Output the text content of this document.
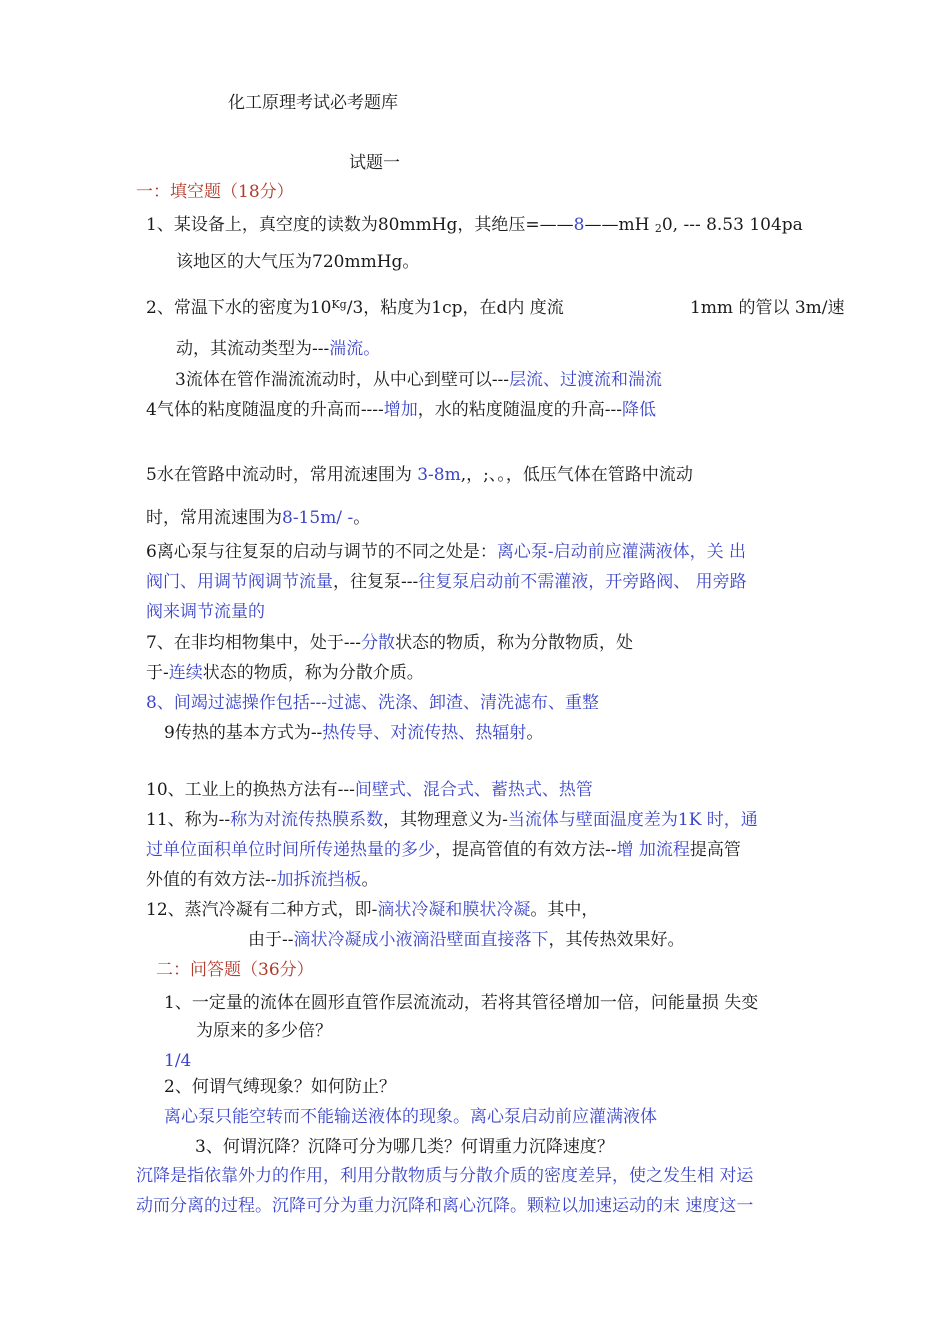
化工原理考试必考题库
试题一
一：填空题（18分）
1、某设备上，真空度的读数为80mmHg，其绝压=——8——mH 20, --- 8.53 104pa
该地区的大气压为720mmHg。
2、常温下水的密度为$10^{Kg}/3$，粘度为1cp，在d内 度流	1mm 的管以 3m/速
动，其流动类型为---湍流。
3流体在管作湍流流动时，从中心到壁可以---层流、过渡流和湍流
4气体的粘度随温度的升高而----增加，水的粘度随温度的升高---降低
5水在管路中流动时，常用流速围为 3-8m,，;、。，低压气体在管路中流动
时，常用流速围为8-15m/ -。
6离心泵与往复泵的启动与调节的不同之处是：离心泵-启动前应灌满液体，关 出
阀门、用调节阀调节流量，往复泵---往复泵启动前不需灌液，开旁路阀、 用旁路
阀来调节流量的
7、在非均相物集中，处于---分散状态的物质，称为分散物质，处
于-连续状态的物质，称为分散介质。
8、间竭过滤操作包括---过滤、洗涤、卸渣、清洗滤布、重整
9传热的基本方式为--热传导、对流传热、热辐射。
10、工业上的换热方法有---间壁式、混合式、蓄热式、热管
11、称为--称为对流传热膜系数，其物理意义为-当流体与壁面温度差为1K 时，通
过单位面积单位时间所传递热量的多少，提高管值的有效方法--增 加流程提高管
外值的有效方法--加拆流挡板。
12、蒸汽冷凝有二种方式，即-滴状冷凝和膜状冷凝。其中，
由于--滴状冷凝成小液滴沿壁面直接落下，其传热效果好。
二：问答题（36分）
1、一定量的流体在圆形直管作层流流动，若将其管径增加一倍，问能量损 失变
为原来的多少倍？
1/4
2、何谓气缚现象？如何防止？
离心泵只能空转而不能输送液体的现象。离心泵启动前应灌满液体
3、何谓沉降？沉降可分为哪几类？何谓重力沉降速度？
沉降是指依靠外力的作用，利用分散物质与分散介质的密度差异，使之发生相 对运
动而分离的过程。沉降可分为重力沉降和离心沉降。颗粒以加速运动的末 速度这一
